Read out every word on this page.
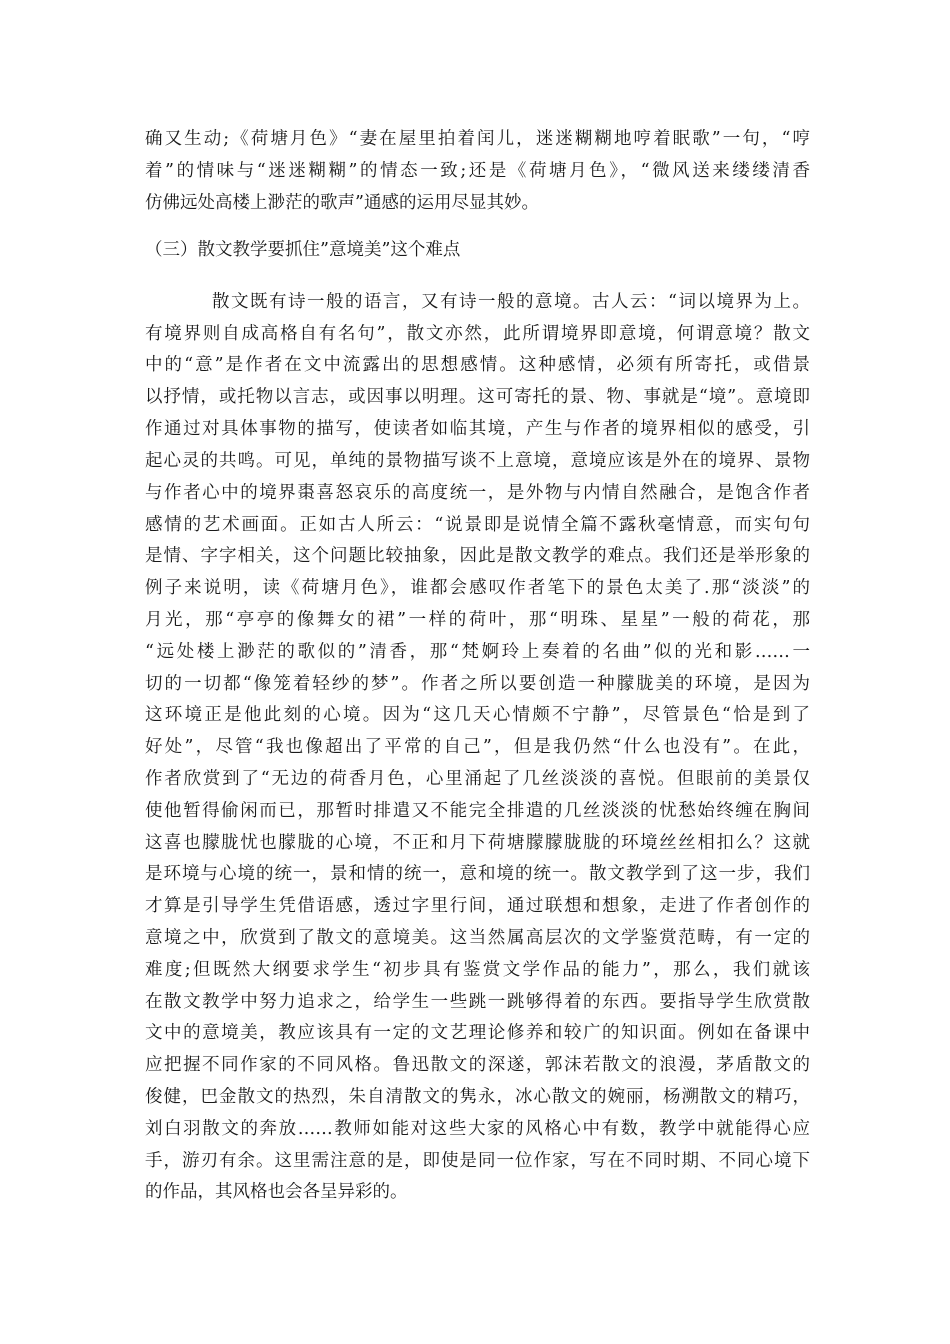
确又生动;《荷塘月色》“妻在屋里拍着闰儿，迷迷糊糊地哼着眠歌”一句，“哼
着”的情味与“迷迷糊糊”的情态一致;还是《荷塘月色》，“微风送来缕缕清香
仿佛远处高楼上渺茫的歌声”通感的运用尽显其妙。
（三）散文教学要抓住”意境美”这个难点
散文既有诗一般的语言，又有诗一般的意境。古人云：“词以境界为上。
有境界则自成高格自有名句”，散文亦然，此所谓境界即意境，何谓意境？散文
中的“意”是作者在文中流露出的思想感情。这种感情，必须有所寄托，或借景
以抒情，或托物以言志，或因事以明理。这可寄托的景、物、事就是“境”。意境即
作通过对具体事物的描写，使读者如临其境，产生与作者的境界相似的感受，引
起心灵的共鸣。可见，单纯的景物描写谈不上意境，意境应该是外在的境界、景物
与作者心中的境界棗喜怒哀乐的高度统一，是外物与内情自然融合，是饱含作者
感情的艺术画面。正如古人所云：“说景即是说情全篇不露秋毫情意，而实句句
是情、字字相关，这个问题比较抽象，因此是散文教学的难点。我们还是举形象的
例子来说明，读《荷塘月色》，谁都会感叹作者笔下的景色太美了.那“淡淡”的
月光，那“亭亭的像舞女的裙”一样的荷叶，那“明珠、星星”一般的荷花，那
“远处楼上渺茫的歌似的”清香，那“梵婀玲上奏着的名曲”似的光和影……一
切的一切都“像笼着轻纱的梦”。作者之所以要创造一种朦胧美的环境，是因为
这环境正是他此刻的心境。因为“这几天心情颇不宁静”，尽管景色“恰是到了
好处”，尽管“我也像超出了平常的自己”，但是我仍然“什么也没有”。在此，
作者欣赏到了“无边的荷香月色，心里涌起了几丝淡淡的喜悦。但眼前的美景仅
使他暂得偷闲而已，那暂时排遣又不能完全排遣的几丝淡淡的忧愁始终缠在胸间
这喜也朦胧忧也朦胧的心境，不正和月下荷塘朦朦胧胧的环境丝丝相扣么？这就
是环境与心境的统一，景和情的统一，意和境的统一。散文教学到了这一步，我们
才算是引导学生凭借语感，透过字里行间，通过联想和想象，走进了作者创作的
意境之中，欣赏到了散文的意境美。这当然属高层次的文学鉴赏范畴，有一定的
难度;但既然大纲要求学生“初步具有鉴赏文学作品的能力”，那么，我们就该
在散文教学中努力追求之，给学生一些跳一跳够得着的东西。要指导学生欣赏散
文中的意境美，教应该具有一定的文艺理论修养和较广的知识面。例如在备课中
应把握不同作家的不同风格。鲁迅散文的深遂，郭沫若散文的浪漫，茅盾散文的
俊健，巴金散文的热烈，朱自清散文的隽永，冰心散文的婉丽，杨溯散文的精巧，
刘白羽散文的奔放……教师如能对这些大家的风格心中有数，教学中就能得心应
手，游刃有余。这里需注意的是，即使是同一位作家，写在不同时期、不同心境下
的作品，其风格也会各呈异彩的。
